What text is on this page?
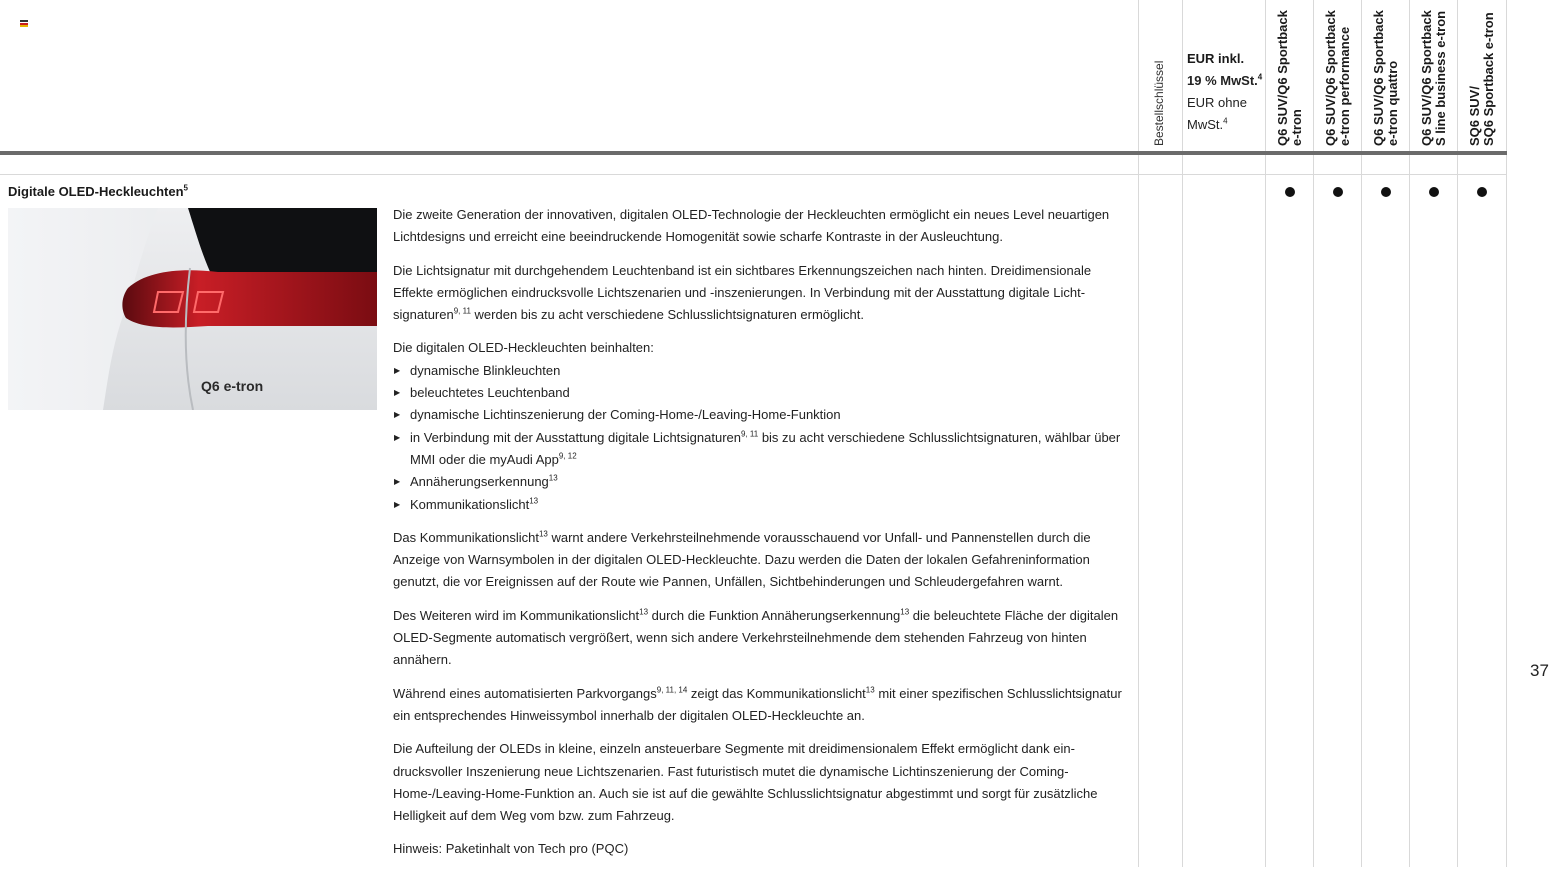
Bestellschlüssel
EUR inkl.
19 % MwSt.$^4$
EUR ohne
MwSt.$^4$
Q6 SUV/Q6 Sportback
e-tron Q6 SUV/Q6 Sportback
e-tron performance
Q6 SUV/Q6 Sportback
e-tron quattro
Q6 SUV/Q6 Sportback
S line business e-tron
SQ6 SUV/
SQ6 Sportback e-tron
Digitale OLED-Heckleuchten$^5$
Q6 e-tron

Die zweite Generation der innovativen, digitalen OLED-Technologie der Heckleuchten ermöglicht ein neues Level neuartigen Lichtdesigns und erreicht eine beeindruckende Homogenität sowie scharfe Kontraste in der Ausleuchtung.

Die Lichtsignatur mit durchgehendem Leuchtenband ist ein sichtbares Erkennungszeichen nach hinten. Dreidimensionale Effekte ermöglichen eindrucksvolle Lichtszenarien und -inszenierungen. In Verbindung mit der Ausstattung digitale Lichtsignaturen$^{9, 11}$ werden bis zu acht verschiedene Schlusslichtsignaturen ermöglicht.

Die digitalen OLED-Heckleuchten beinhalten:

▶ dynamische Blinkleuchten
▶ beleuchtetes Leuchtenband
▶ dynamische Lichtinszenierung der Coming-Home-/Leaving-Home-Funktion
▶ in Verbindung mit der Ausstattung digitale Lichtsignaturen$^{9, 11}$ bis zu acht verschiedene Schlusslichtsignaturen, wählbar über MMI oder die myAudi App$^{9, 12}$
▶ Annäherungserkennung$^{13}$
▶ Kommunikationslicht$^{13}$

Das Kommunikationslicht$^{13}$ warnt andere Verkehrsteilnehmende vorausschauend vor Unfall- und Pannenstellen durch die Anzeige von Warnsymbolen in der digitalen OLED-Heckleuchte. Dazu werden die Daten der lokalen Gefahreninformation genutzt, die vor Ereignissen auf der Route wie Pannen, Unfällen, Sichtbehinderungen und Schleudergefahren warnt.

Des Weiteren wird im Kommunikationslicht$^{13}$ durch die Funktion Annäherungserkennung$^{13}$ die beleuchtete Fläche der digitalen OLED-Segmente automatisch vergrößert, wenn sich andere Verkehrsteilnehmende dem stehenden Fahrzeug von hinten annähern.

Während eines automatisierten Parkvorgangs$^{9, 11, 14}$ zeigt das Kommunikationslicht$^{13}$ mit einer spezifischen Schlusslichtsignatur ein entsprechendes Hinweissymbol innerhalb der digitalen OLED-Heckleuchte an.

Die Aufteilung der OLEDs in kleine, einzeln ansteuerbare Segmente mit dreidimensionalem Effekt ermöglicht dank eindrucksvoller Inszenierung neue Lichtszenarien. Fast futuristisch mutet die dynamische Lichtinszenierung der Coming-Home-/Leaving-Home-Funktion an. Auch sie ist auf die gewählte Schlusslichtsignatur abgestimmt und sorgt für zusätzliche Helligkeit auf dem Weg vom bzw. zum Fahrzeug.

Hinweis: Paketinhalt von Tech pro (PQC)

37
